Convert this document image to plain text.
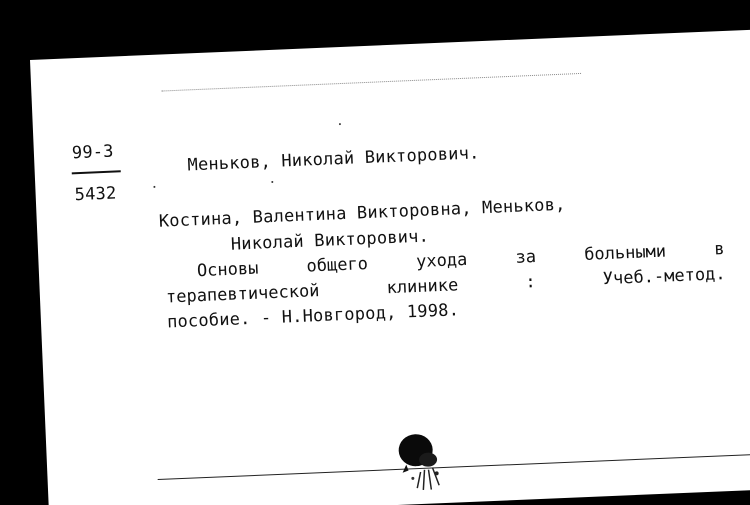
99-3
5432
Меньков, Николай Викторович.
Костина, Валентина Викторовна, Меньков,
Николай Викторович.
Основы	общего	ухода	за	больными	в
терапевтической	клинике	:	Учеб.-метод.
пособие. - Н.Новгород, 1998.
